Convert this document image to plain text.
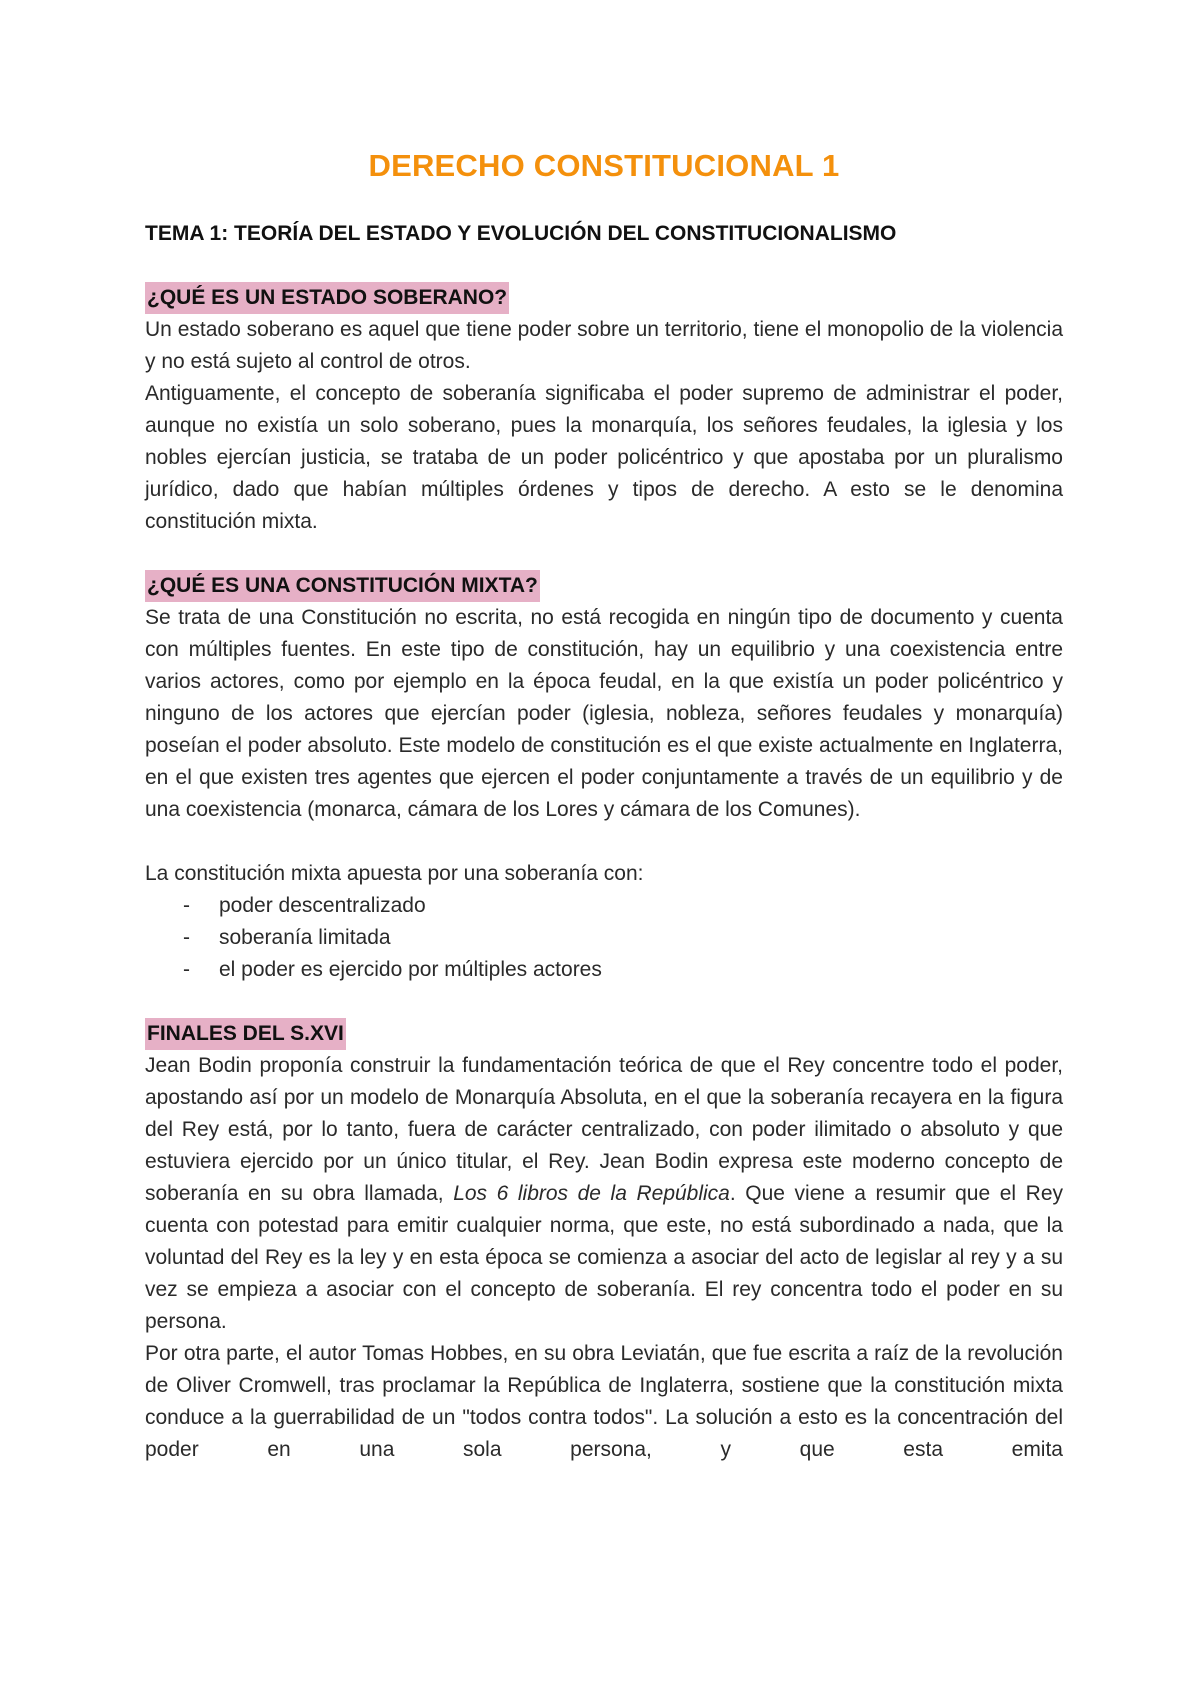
DERECHO CONSTITUCIONAL 1
TEMA 1: TEORÍA DEL ESTADO Y EVOLUCIÓN DEL CONSTITUCIONALISMO
¿QUÉ ES UN ESTADO SOBERANO?

Un estado soberano es aquel que tiene poder sobre un territorio, tiene el monopolio de la violencia y no está sujeto al control de otros.

Antiguamente, el concepto de soberanía significaba el poder supremo de administrar el poder, aunque no existía un solo soberano, pues la monarquía, los señores feudales, la iglesia y los nobles ejercían justicia, se trataba de un poder policéntrico y que apostaba por un pluralismo jurídico, dado que habían múltiples órdenes y tipos de derecho. A esto se le denomina constitución mixta.

¿QUÉ ES UNA CONSTITUCIÓN MIXTA?

Se trata de una Constitución no escrita, no está recogida en ningún tipo de documento y cuenta con múltiples fuentes. En este tipo de constitución, hay un equilibrio y una coexistencia entre varios actores, como por ejemplo en la época feudal, en la que existía un poder policéntrico y ninguno de los actores que ejercían poder (iglesia, nobleza, señores feudales y monarquía) poseían el poder absoluto. Este modelo de constitución es el que existe actualmente en Inglaterra, en el que existen tres agentes que ejercen el poder conjuntamente a través de un equilibrio y de una coexistencia (monarca, cámara de los Lores y cámara de los Comunes).

La constitución mixta apuesta por una soberanía con:

- poder descentralizado
- soberanía limitada
- el poder es ejercido por múltiples actores
FINALES DEL S.XVI

Jean Bodin proponía construir la fundamentación teórica de que el Rey concentre todo el poder, apostando así por un modelo de Monarquía Absoluta, en el que la soberanía recayera en la figura del Rey está, por lo tanto, fuera de carácter centralizado, con poder ilimitado o absoluto y que estuviera ejercido por un único titular, el Rey. Jean Bodin expresa este moderno concepto de soberanía en su obra llamada, Los 6 libros de la República. Que viene a resumir que el Rey cuenta con potestad para emitir cualquier norma, que este, no está subordinado a nada, que la voluntad del Rey es la ley y en esta época se comienza a asociar del acto de legislar al rey y a su vez se empieza a asociar con el concepto de soberanía. El rey concentra todo el poder en su persona.

Por otra parte, el autor Tomas Hobbes, en su obra Leviatán, que fue escrita a raíz de la revolución de Oliver Cromwell, tras proclamar la República de Inglaterra, sostiene que la constitución mixta conduce a la guerrabilidad de un "todos contra todos". La solución a esto es la concentración del poder en una sola persona, y que esta emita
